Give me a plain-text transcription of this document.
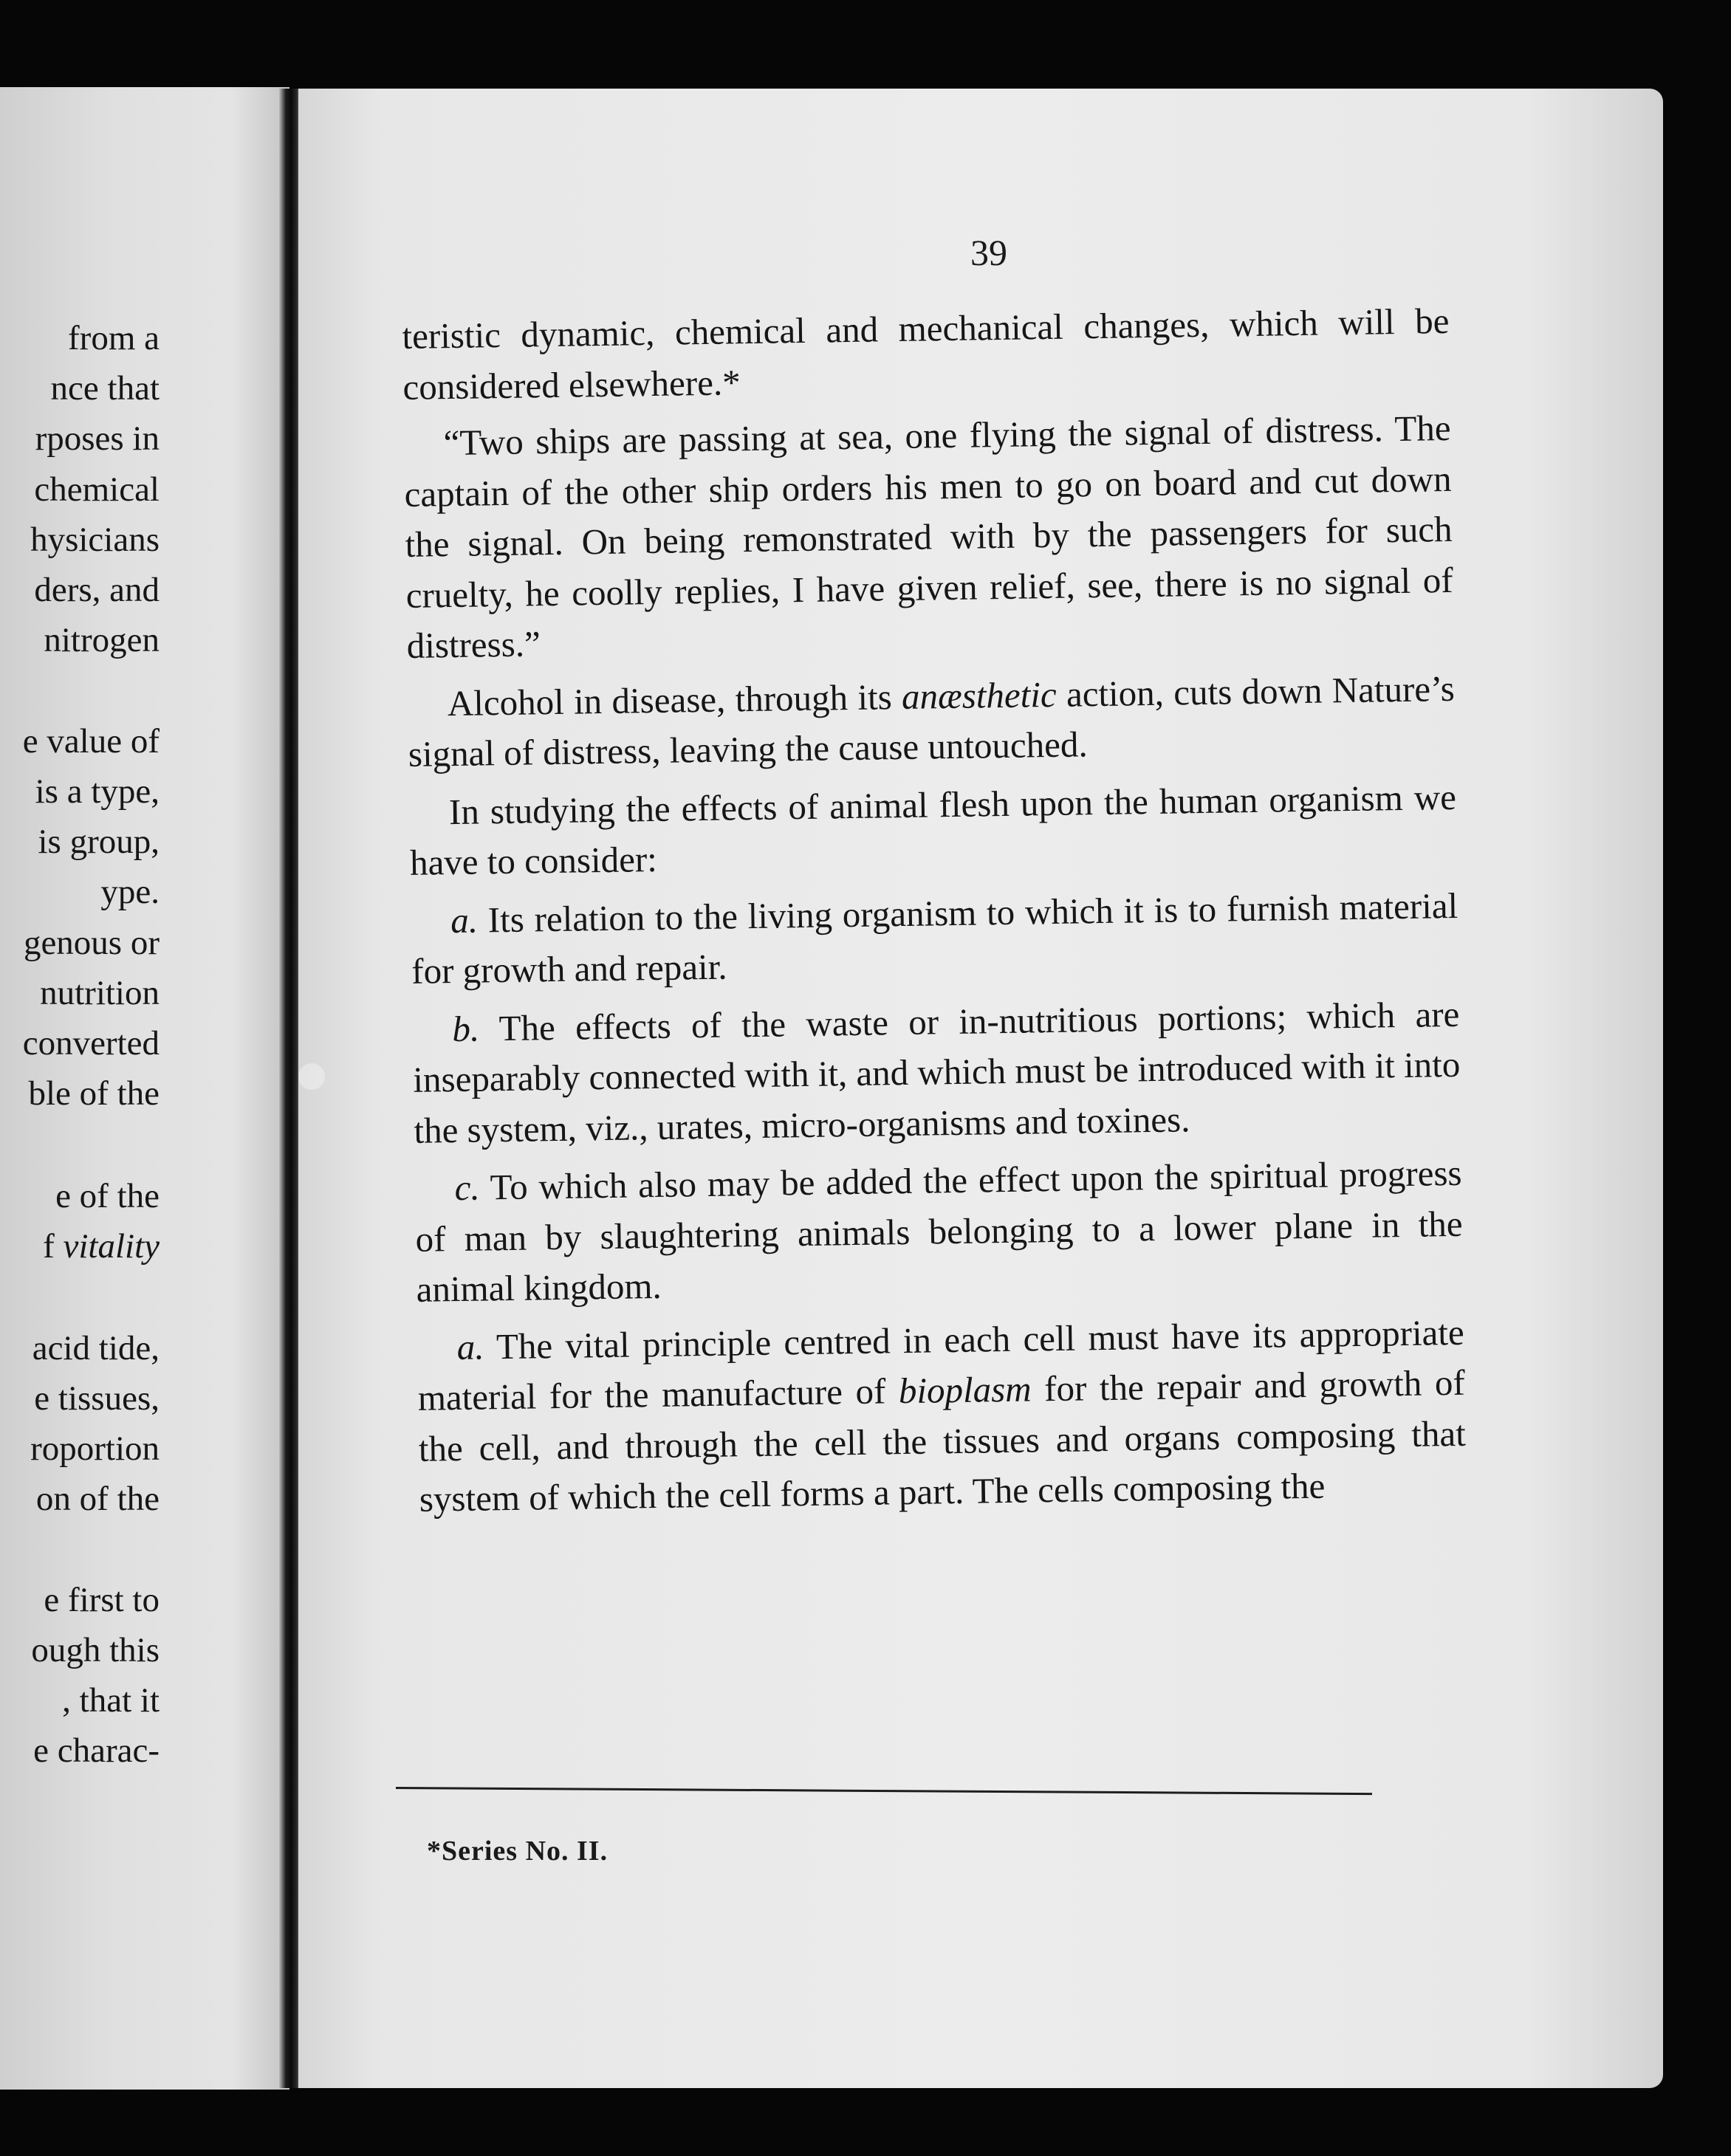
from a
nce that
rposes in
chemical
hysicians
ders, and
nitrogen
e value of
is a type,
is group,
ype.
genous or
nutrition
converted
ble of the
e of the
f vitality
acid tide,
e tissues,
roportion
on of the
e first to
ough this
, that it
e charac-
39

teristic dynamic, chemical and mechanical changes, which will be considered elsewhere.*

“Two ships are passing at sea, one flying the signal of distress. The captain of the other ship orders his men to go on board and cut down the signal. On being remonstrated with by the passengers for such cruelty, he coolly replies, I have given relief, see, there is no signal of distress.”

Alcohol in disease, through its anæsthetic action, cuts down Nature’s signal of distress, leaving the cause untouched.

In studying the effects of animal flesh upon the human organism we have to consider:

a. Its relation to the living organism to which it is to furnish material for growth and repair.

b. The effects of the waste or in-nutritious portions; which are inseparably connected with it, and which must be introduced with it into the system, viz., urates, micro-organisms and toxines.

c. To which also may be added the effect upon the spiritual progress of man by slaughtering animals belonging to a lower plane in the animal kingdom.

a. The vital principle centred in each cell must have its appropriate material for the manufacture of bioplasm for the repair and growth of the cell, and through the cell the tissues and organs composing that system of which the cell forms a part. The cells composing the

*Series No. II.
